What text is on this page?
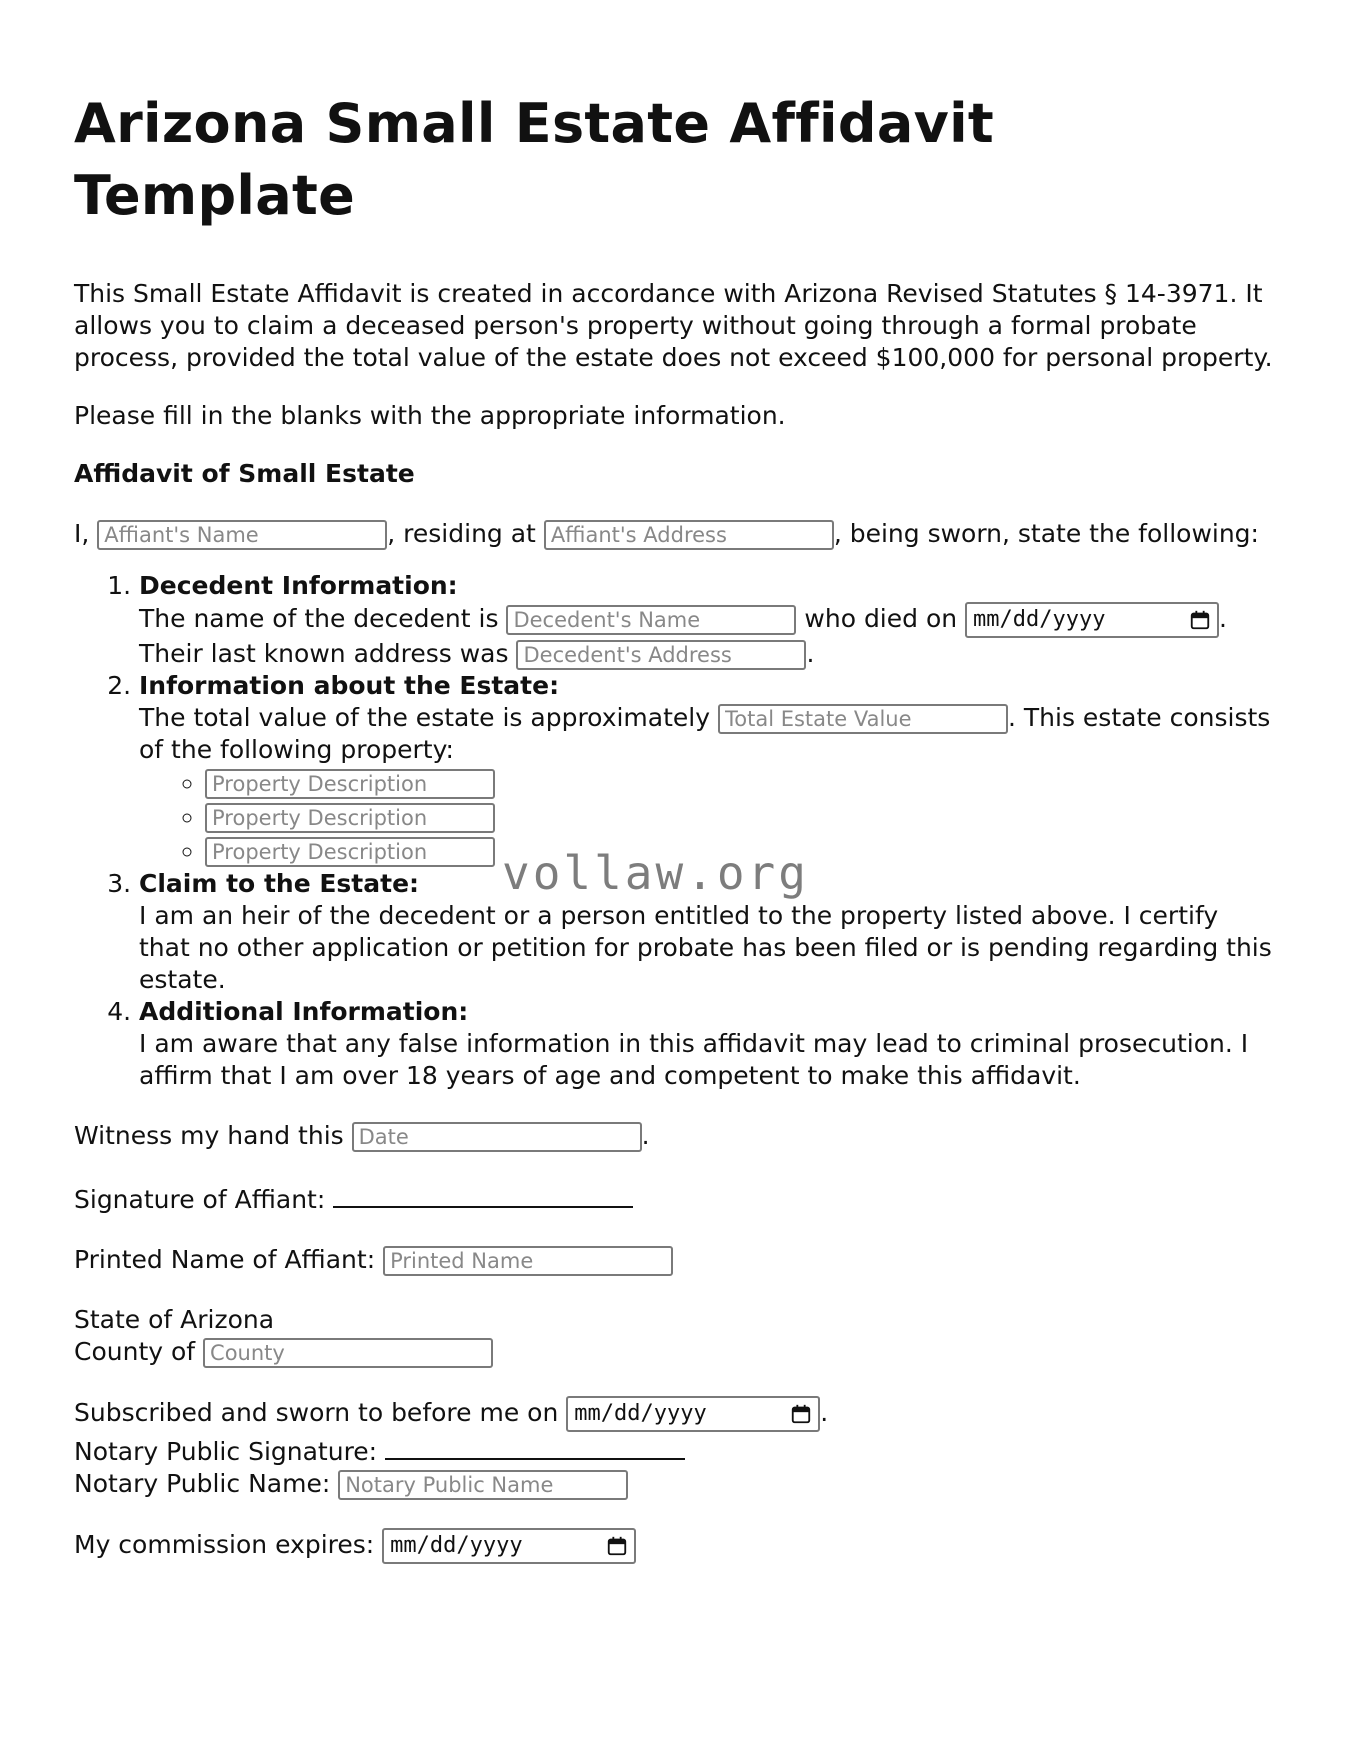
Arizona Small Estate Affidavit Template

This Small Estate Affidavit is created in accordance with Arizona Revised Statutes § 14-3971. It allows you to claim a deceased person's property without going through a formal probate process, provided the total value of the estate does not exceed $100,000 for personal property.

Please fill in the blanks with the appropriate information.

Affidavit of Small Estate

I, Affiant's Name	, residing at Affiant's Address	, being sworn, state the following:

1. Decedent Information:
The name of the decedent is Decedent's Name	who died on mm/dd/yyyy	.
Their last known address was Decedent's Address	.
2. Information about the Estate:
The total value of the estate is approximately Total Estate Value	. This estate consists of the following property:
◦ Property Description
◦ Property Description
◦ Property Description
3. Claim to the Estate:
I am an heir of the decedent or a person entitled to the property listed above. I certify that no other application or petition for probate has been filed or is pending regarding this estate.
4. Additional Information:
I am aware that any false information in this affidavit may lead to criminal prosecution. I affirm that I am over 18 years of age and competent to make this affidavit.

Witness my hand this Date	.

Signature of Affiant:

Printed Name of Affiant: Printed Name

State of Arizona

County of County

Subscribed and sworn to before me on mm/dd/yyyy	.

Notary Public Signature:

Notary Public Name: Notary Public Name

My commission expires: mm/dd/yyyy

vollaw.org
